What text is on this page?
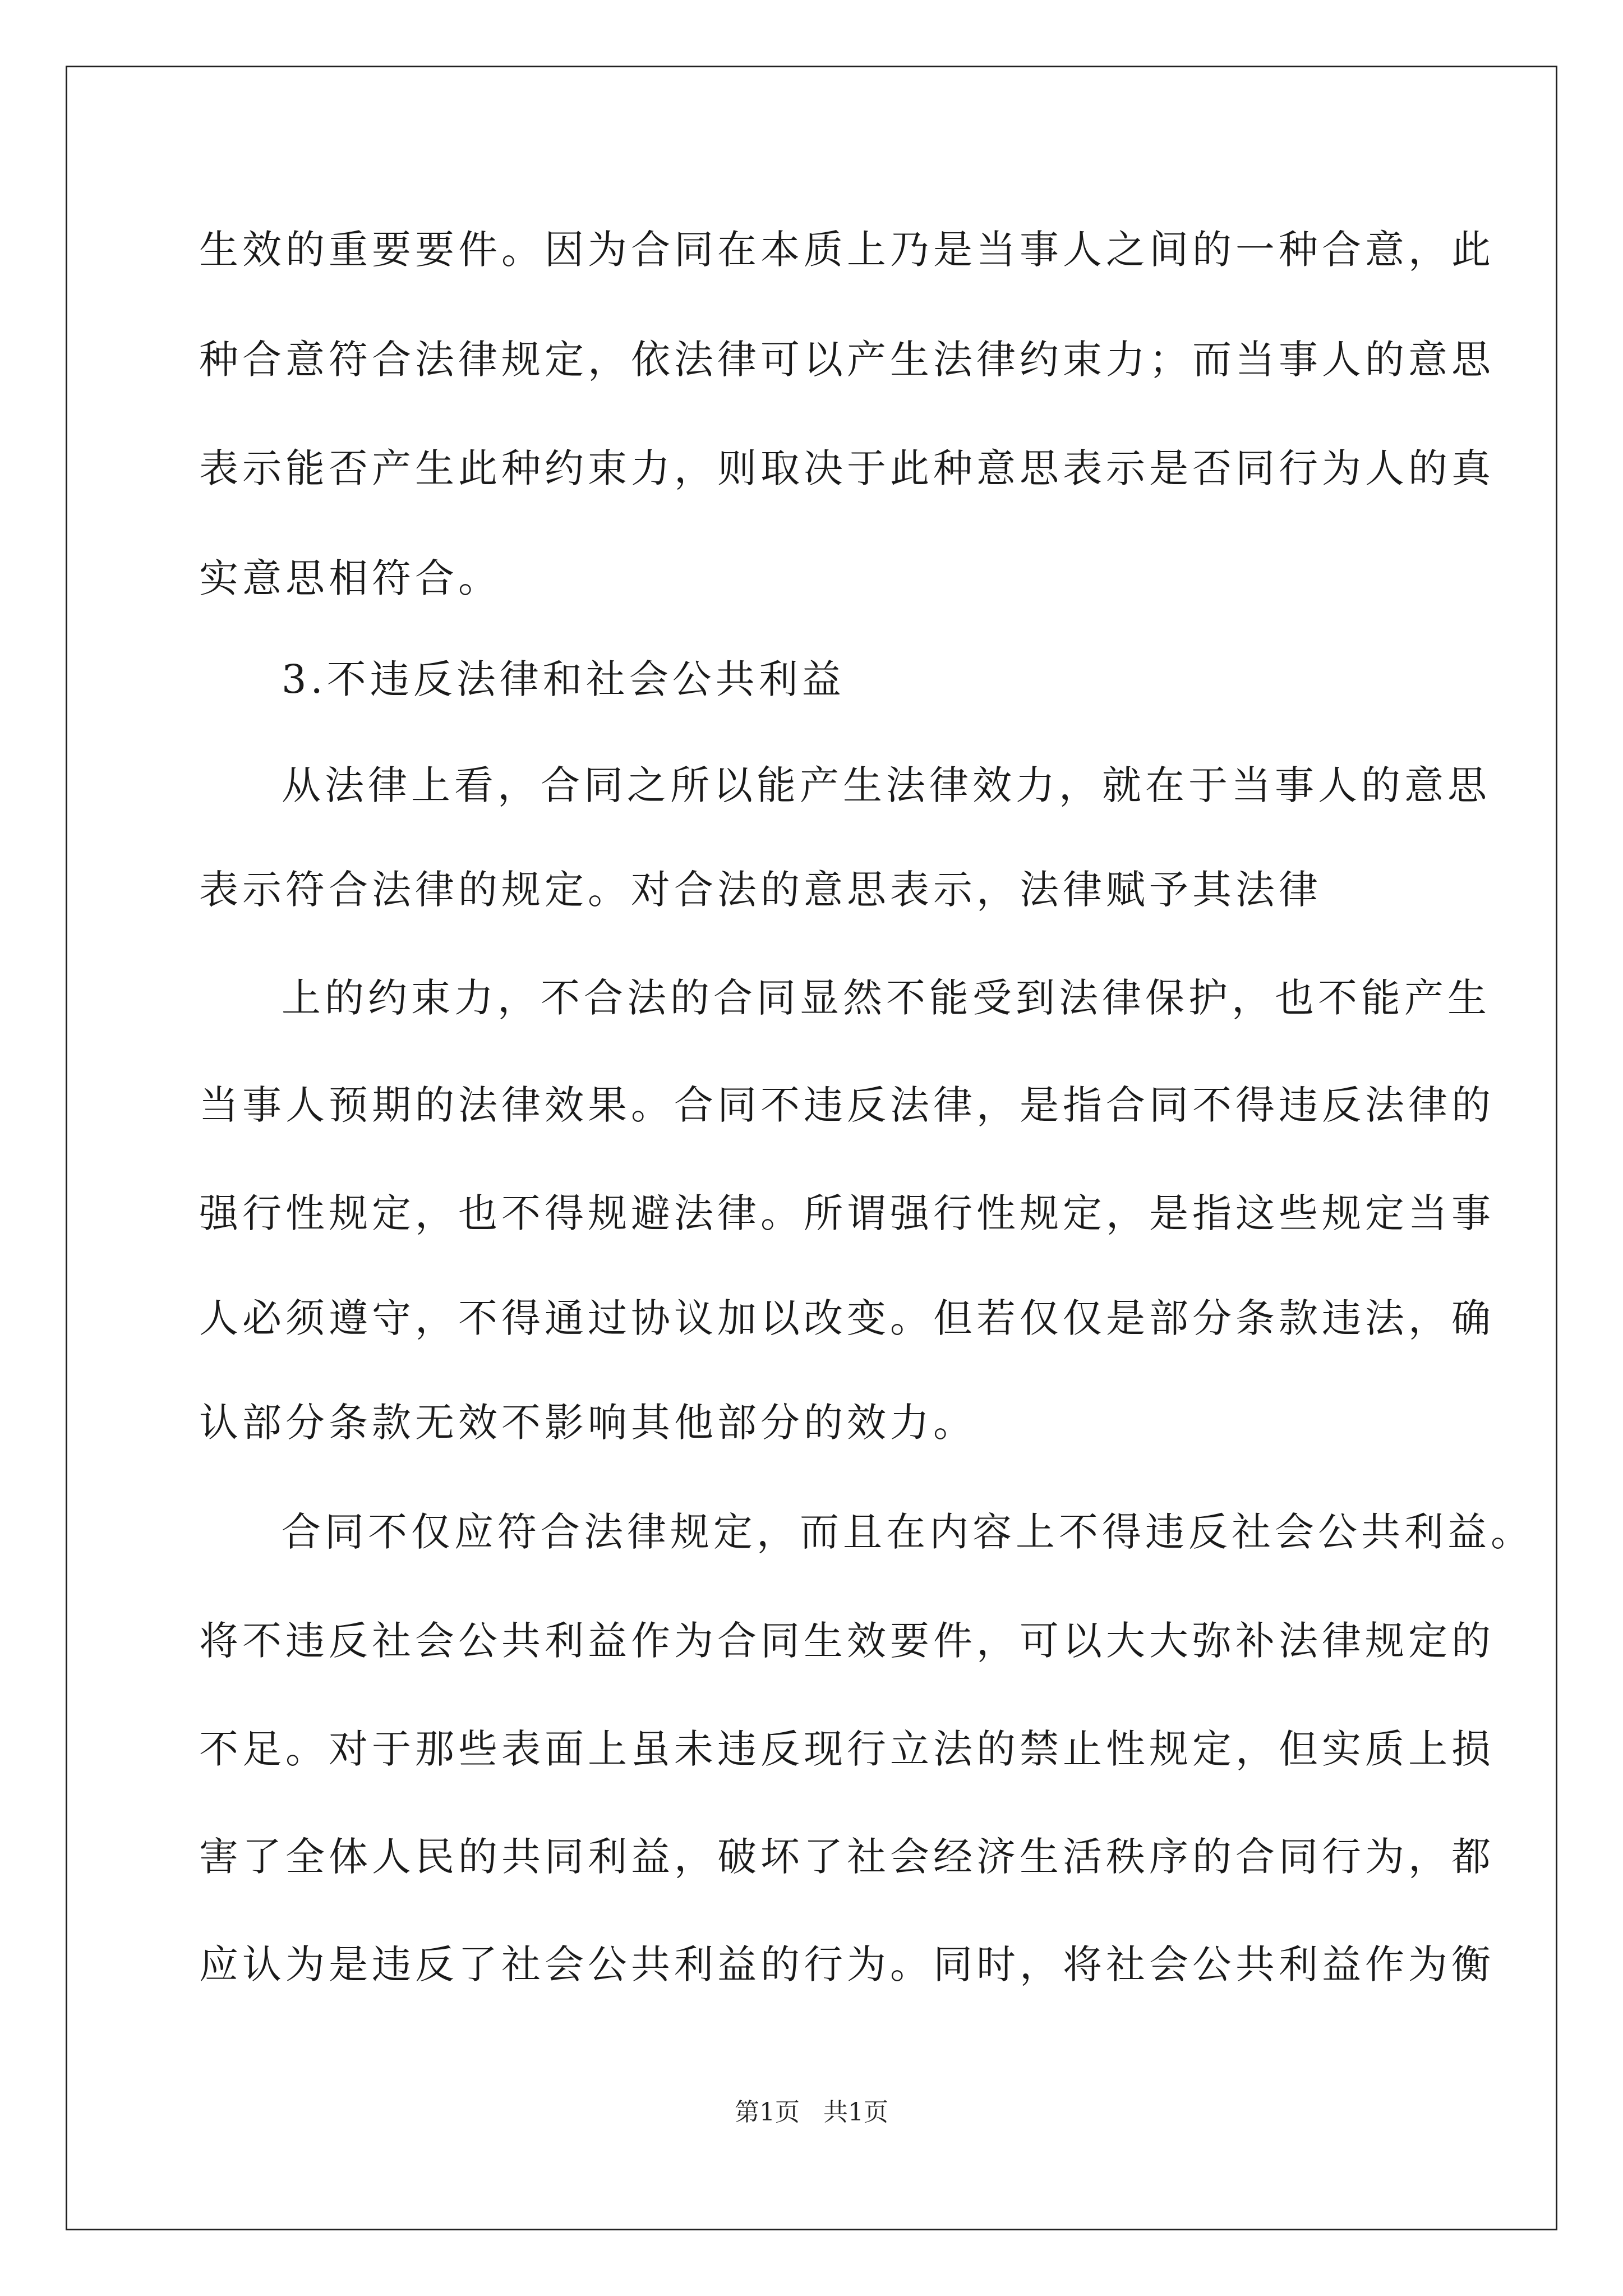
生效的重要要件。因为合同在本质上乃是当事人之间的一种合意，此
种合意符合法律规定，依法律可以产生法律约束力；而当事人的意思
表示能否产生此种约束力，则取决于此种意思表示是否同行为人的真
实意思相符合。
3.不违反法律和社会公共利益
从法律上看，合同之所以能产生法律效力，就在于当事人的意思
表示符合法律的规定。对合法的意思表示，法律赋予其法律
上的约束力，不合法的合同显然不能受到法律保护，也不能产生
当事人预期的法律效果。合同不违反法律，是指合同不得违反法律的
强行性规定，也不得规避法律。所谓强行性规定，是指这些规定当事
人必须遵守，不得通过协议加以改变。但若仅仅是部分条款违法，确
认部分条款无效不影响其他部分的效力。
合同不仅应符合法律规定，而且在内容上不得违反社会公共利益。
将不违反社会公共利益作为合同生效要件，可以大大弥补法律规定的
不足。对于那些表面上虽未违反现行立法的禁止性规定，但实质上损
害了全体人民的共同利益，破坏了社会经济生活秩序的合同行为，都
应认为是违反了社会公共利益的行为。同时，将社会公共利益作为衡
第1页   共1页
